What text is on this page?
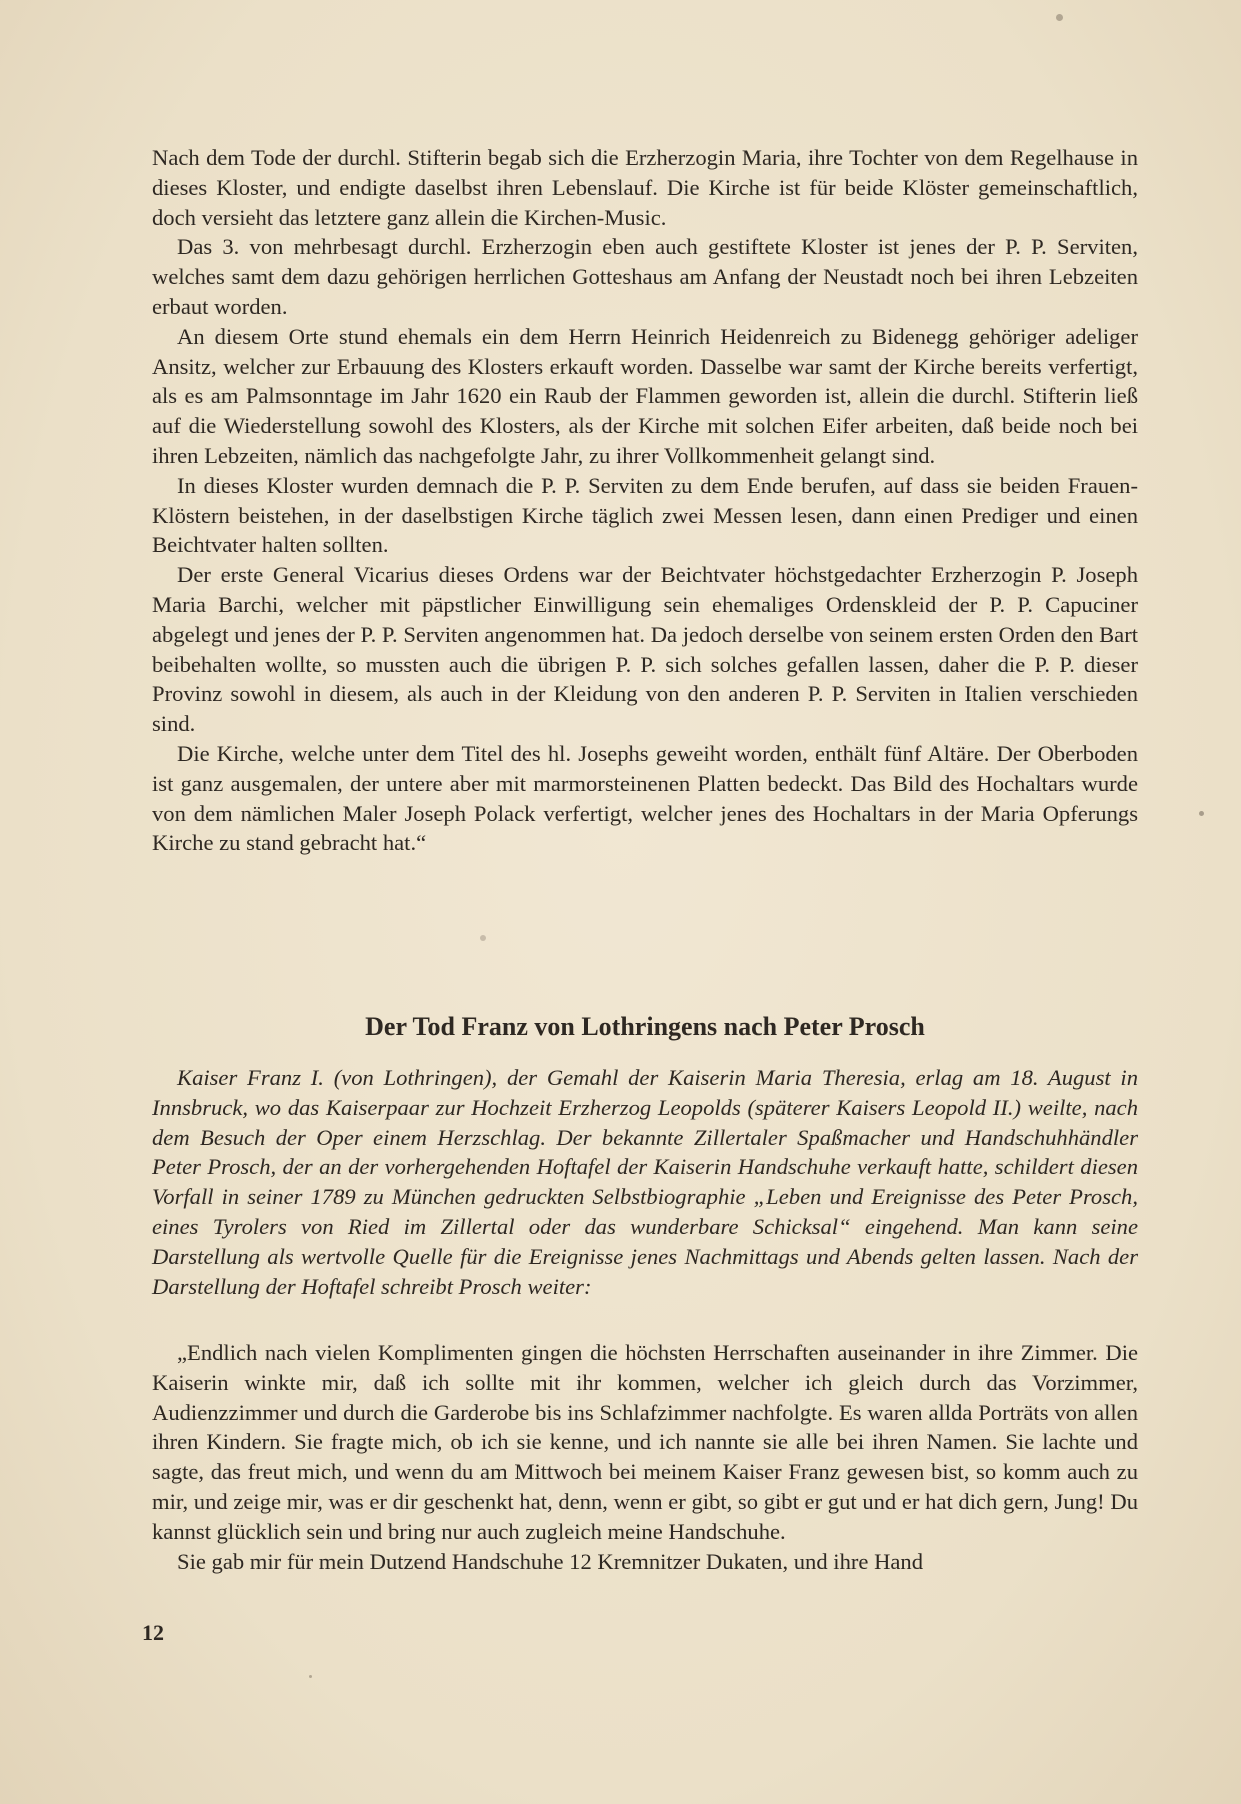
Nach dem Tode der durchl. Stifterin begab sich die Erzherzogin Maria, ihre Tochter von dem Regelhause in dieses Kloster, und endigte daselbst ihren Lebenslauf. Die Kirche ist für beide Klöster gemeinschaftlich, doch versieht das letztere ganz allein die Kirchen-Music.

Das 3. von mehrbesagt durchl. Erzherzogin eben auch gestiftete Kloster ist jenes der P. P. Serviten, welches samt dem dazu gehörigen herrlichen Gotteshaus am Anfang der Neustadt noch bei ihren Lebzeiten erbaut worden.

An diesem Orte stund ehemals ein dem Herrn Heinrich Heidenreich zu Bidenegg gehöriger adeliger Ansitz, welcher zur Erbauung des Klosters erkauft worden. Dasselbe war samt der Kirche bereits verfertigt, als es am Palmsonntage im Jahr 1620 ein Raub der Flammen geworden ist, allein die durchl. Stifterin ließ auf die Wiederstellung sowohl des Klosters, als der Kirche mit solchen Eifer arbeiten, daß beide noch bei ihren Lebzeiten, nämlich das nachgefolgte Jahr, zu ihrer Vollkommenheit gelangt sind.

In dieses Kloster wurden demnach die P. P. Serviten zu dem Ende berufen, auf dass sie beiden Frauen-Klöstern beistehen, in der daselbstigen Kirche täglich zwei Messen lesen, dann einen Prediger und einen Beichtvater halten sollten.

Der erste General Vicarius dieses Ordens war der Beichtvater höchstgedachter Erzherzogin P. Joseph Maria Barchi, welcher mit päpstlicher Einwilligung sein ehemaliges Ordenskleid der P. P. Capuciner abgelegt und jenes der P. P. Serviten angenommen hat. Da jedoch derselbe von seinem ersten Orden den Bart beibehalten wollte, so mussten auch die übrigen P. P. sich solches gefallen lassen, daher die P. P. dieser Provinz sowohl in diesem, als auch in der Kleidung von den anderen P. P. Serviten in Italien verschieden sind.

Die Kirche, welche unter dem Titel des hl. Josephs geweiht worden, enthält fünf Altäre. Der Oberboden ist ganz ausgemalen, der untere aber mit marmorsteinenen Platten bedeckt. Das Bild des Hochaltars wurde von dem nämlichen Maler Joseph Polack verfertigt, welcher jenes des Hochaltars in der Maria Opferungs Kirche zu stand gebracht hat.“

Der Tod Franz von Lothringens nach Peter Prosch

Kaiser Franz I. (von Lothringen), der Gemahl der Kaiserin Maria Theresia, erlag am 18. August in Innsbruck, wo das Kaiserpaar zur Hochzeit Erzherzog Leopolds (späterer Kaisers Leopold II.) weilte, nach dem Besuch der Oper einem Herzschlag. Der bekannte Zillertaler Spaßmacher und Handschuhhändler Peter Prosch, der an der vorhergehenden Hoftafel der Kaiserin Handschuhe verkauft hatte, schildert diesen Vorfall in seiner 1789 zu München gedruckten Selbstbiographie „Leben und Ereignisse des Peter Prosch, eines Tyrolers von Ried im Zillertal oder das wunderbare Schicksal“ eingehend. Man kann seine Darstellung als wertvolle Quelle für die Ereignisse jenes Nachmittags und Abends gelten lassen. Nach der Darstellung der Hoftafel schreibt Prosch weiter:

„Endlich nach vielen Komplimenten gingen die höchsten Herrschaften auseinander in ihre Zimmer. Die Kaiserin winkte mir, daß ich sollte mit ihr kommen, welcher ich gleich durch das Vorzimmer, Audienzzimmer und durch die Garderobe bis ins Schlafzimmer nachfolgte. Es waren allda Porträts von allen ihren Kindern. Sie fragte mich, ob ich sie kenne, und ich nannte sie alle bei ihren Namen. Sie lachte und sagte, das freut mich, und wenn du am Mittwoch bei meinem Kaiser Franz gewesen bist, so komm auch zu mir, und zeige mir, was er dir geschenkt hat, denn, wenn er gibt, so gibt er gut und er hat dich gern, Jung! Du kannst glücklich sein und bring nur auch zugleich meine Handschuhe.

Sie gab mir für mein Dutzend Handschuhe 12 Kremnitzer Dukaten, und ihre Hand

12
